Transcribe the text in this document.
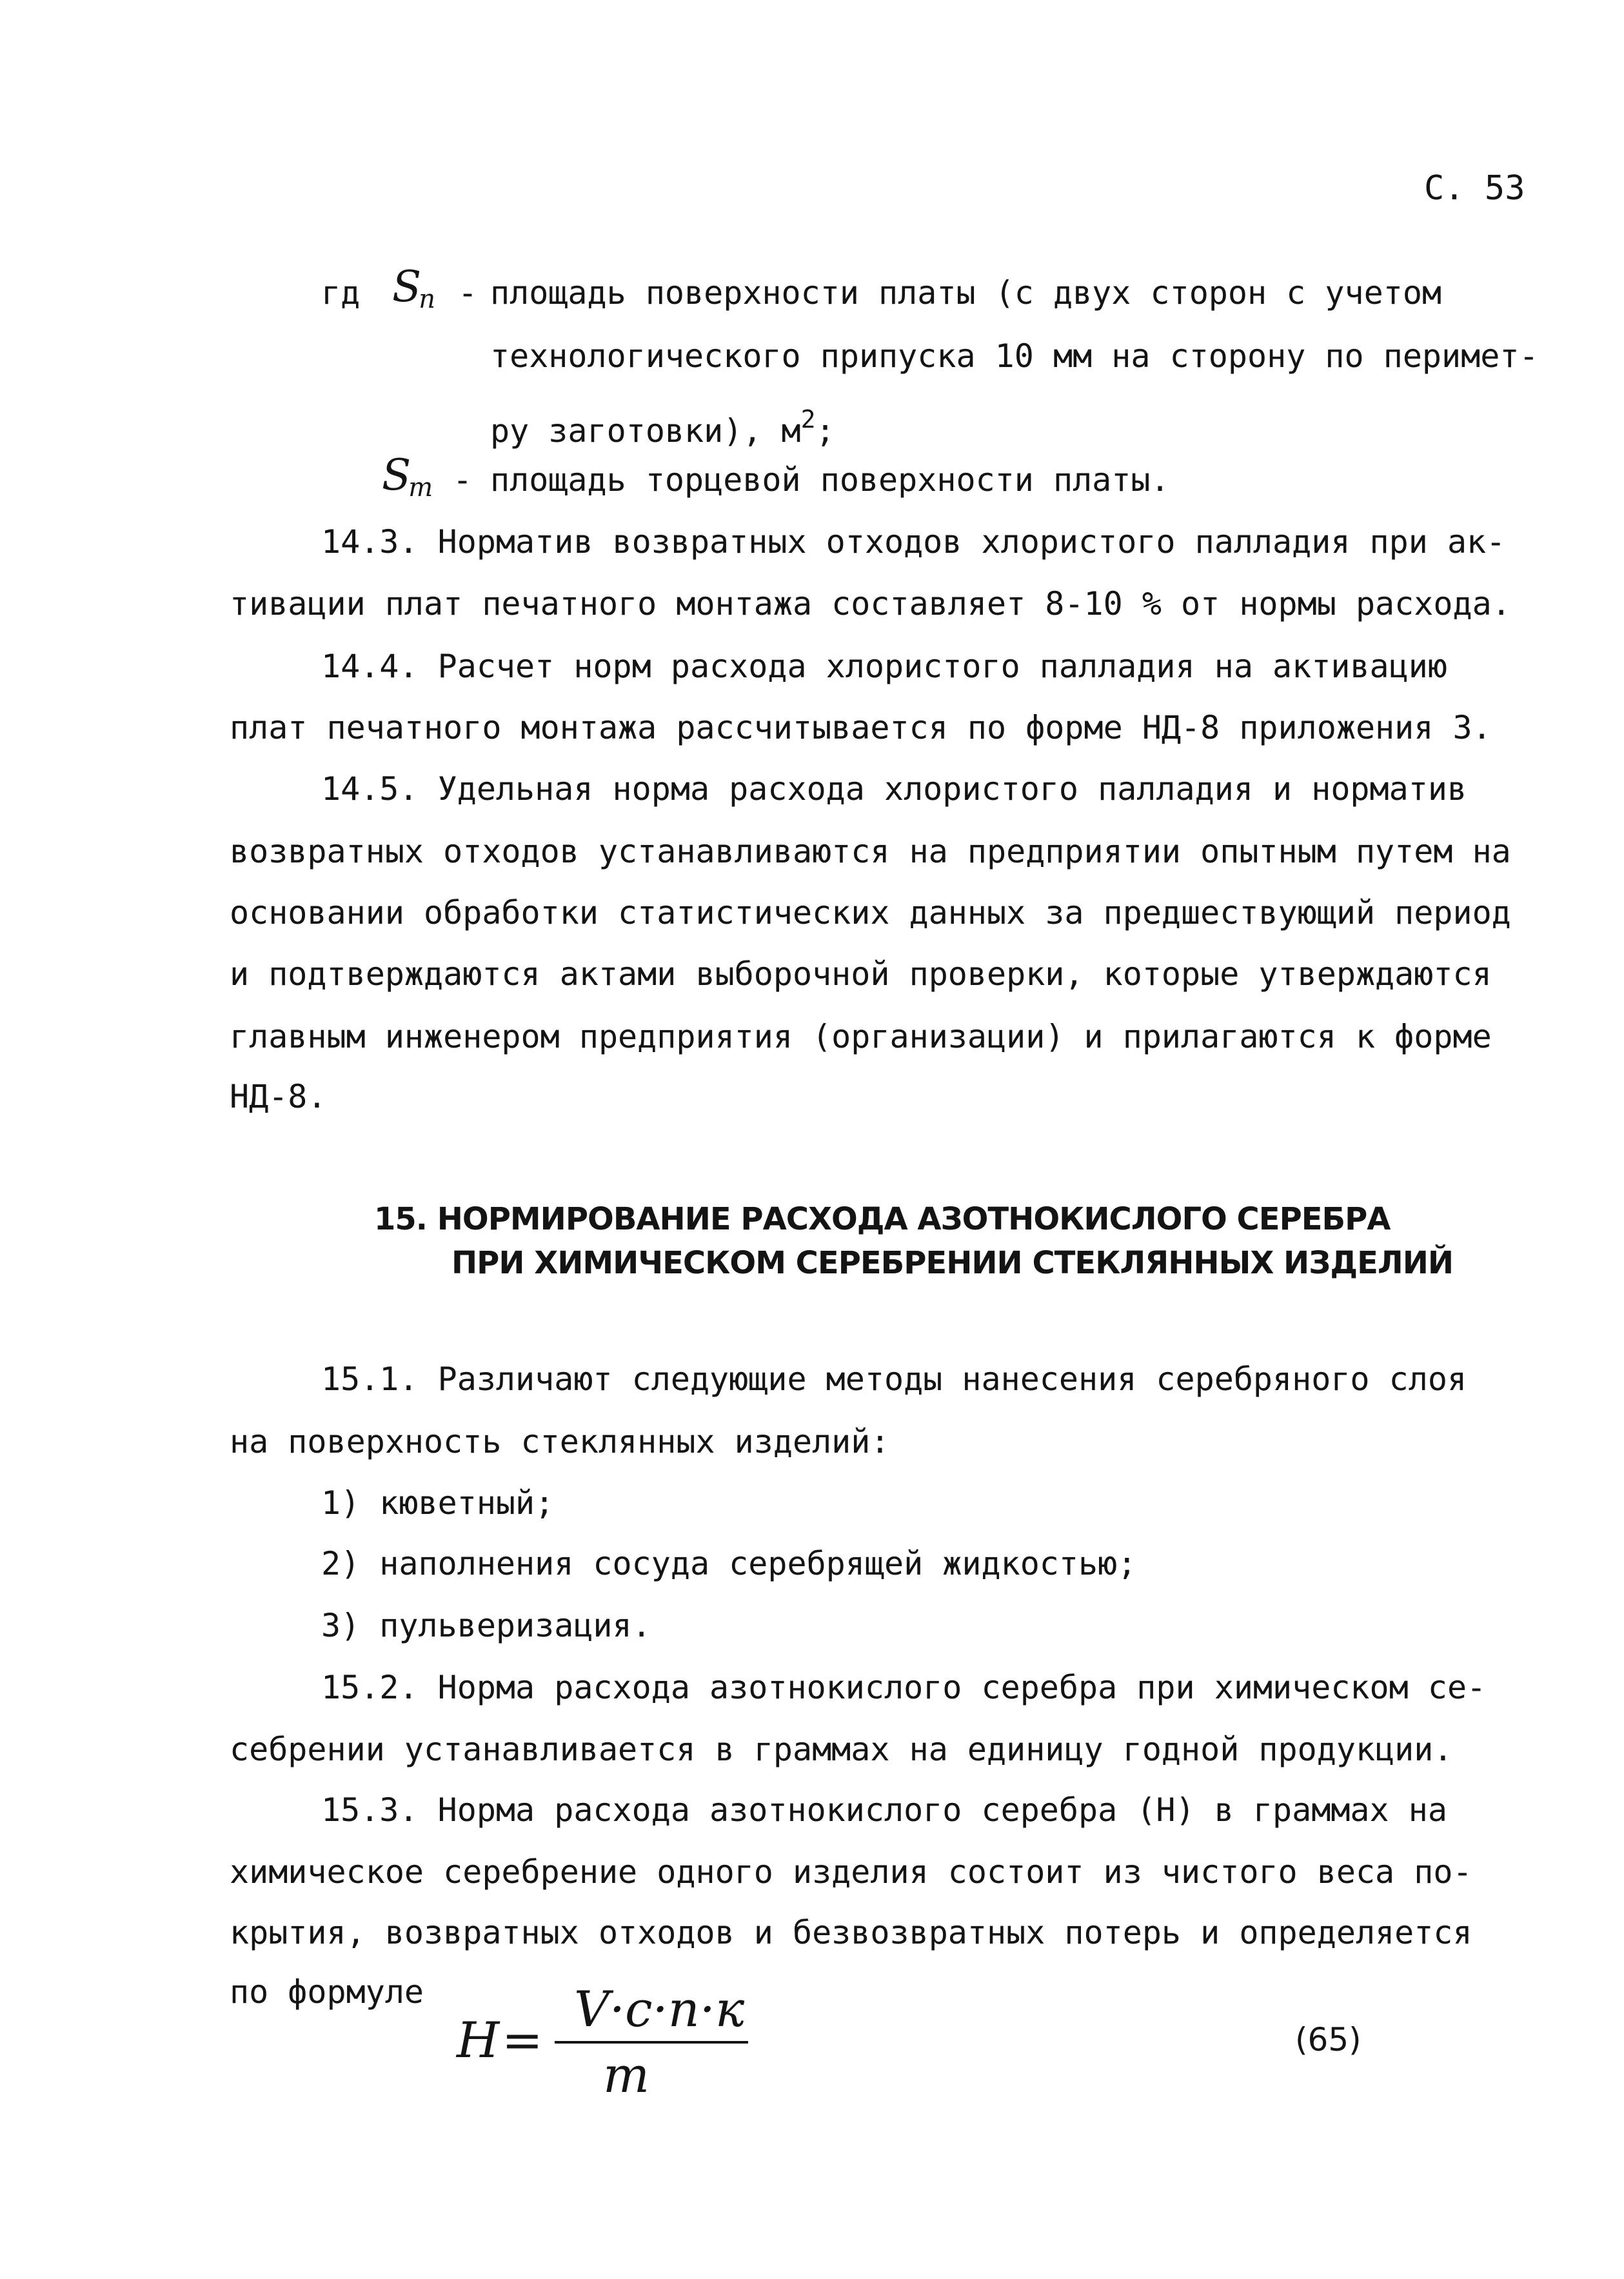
С. 53
гд $S_п$ - площадь поверхности платы (с двух сторон с учетом
технологического припуска 10 мм на сторону по перимет-
ру заготовки), $м^2$;
$S_т$ - площадь торцевой поверхности платы.
14.3. Норматив возвратных отходов хлористого палладия при ак-
тивации плат печатного монтажа составляет 8-10 % от нормы расхода.
14.4. Расчет норм расхода хлористого палладия на активацию
плат печатного монтажа рассчитывается по форме НД-8 приложения 3.
14.5. Удельная норма расхода хлористого палладия и норматив
возвратных отходов устанавливаются на предприятии опытным путем на
основании обработки статистических данных за предшествующий период
и подтверждаются актами выборочной проверки, которые утверждаются
главным инженером предприятия (организации) и прилагаются к форме
НД-8.
15. НОРМИРОВАНИЕ РАСХОДА АЗОТНОКИСЛОГО СЕРЕБРА
ПРИ ХИМИЧЕСКОМ СЕРЕБРЕНИИ СТЕКЛЯННЫХ ИЗДЕЛИЙ
15.1. Различают следующие методы нанесения серебряного слоя
на поверхность стеклянных изделий:
1) кюветный;
2) наполнения сосуда серебрящей жидкостью;
3) пульверизация.
15.2. Норма расхода азотнокислого серебра при химическом се-
себрении устанавливается в граммах на единицу годной продукции.
15.3. Норма расхода азотнокислого серебра (Н) в граммах на
химическое серебрение одного изделия состоит из чистого веса по-
крытия, возвратных отходов и безвозвратных потерь и определяется
по формуле
Н =
V·с·n·к
m
(65)
